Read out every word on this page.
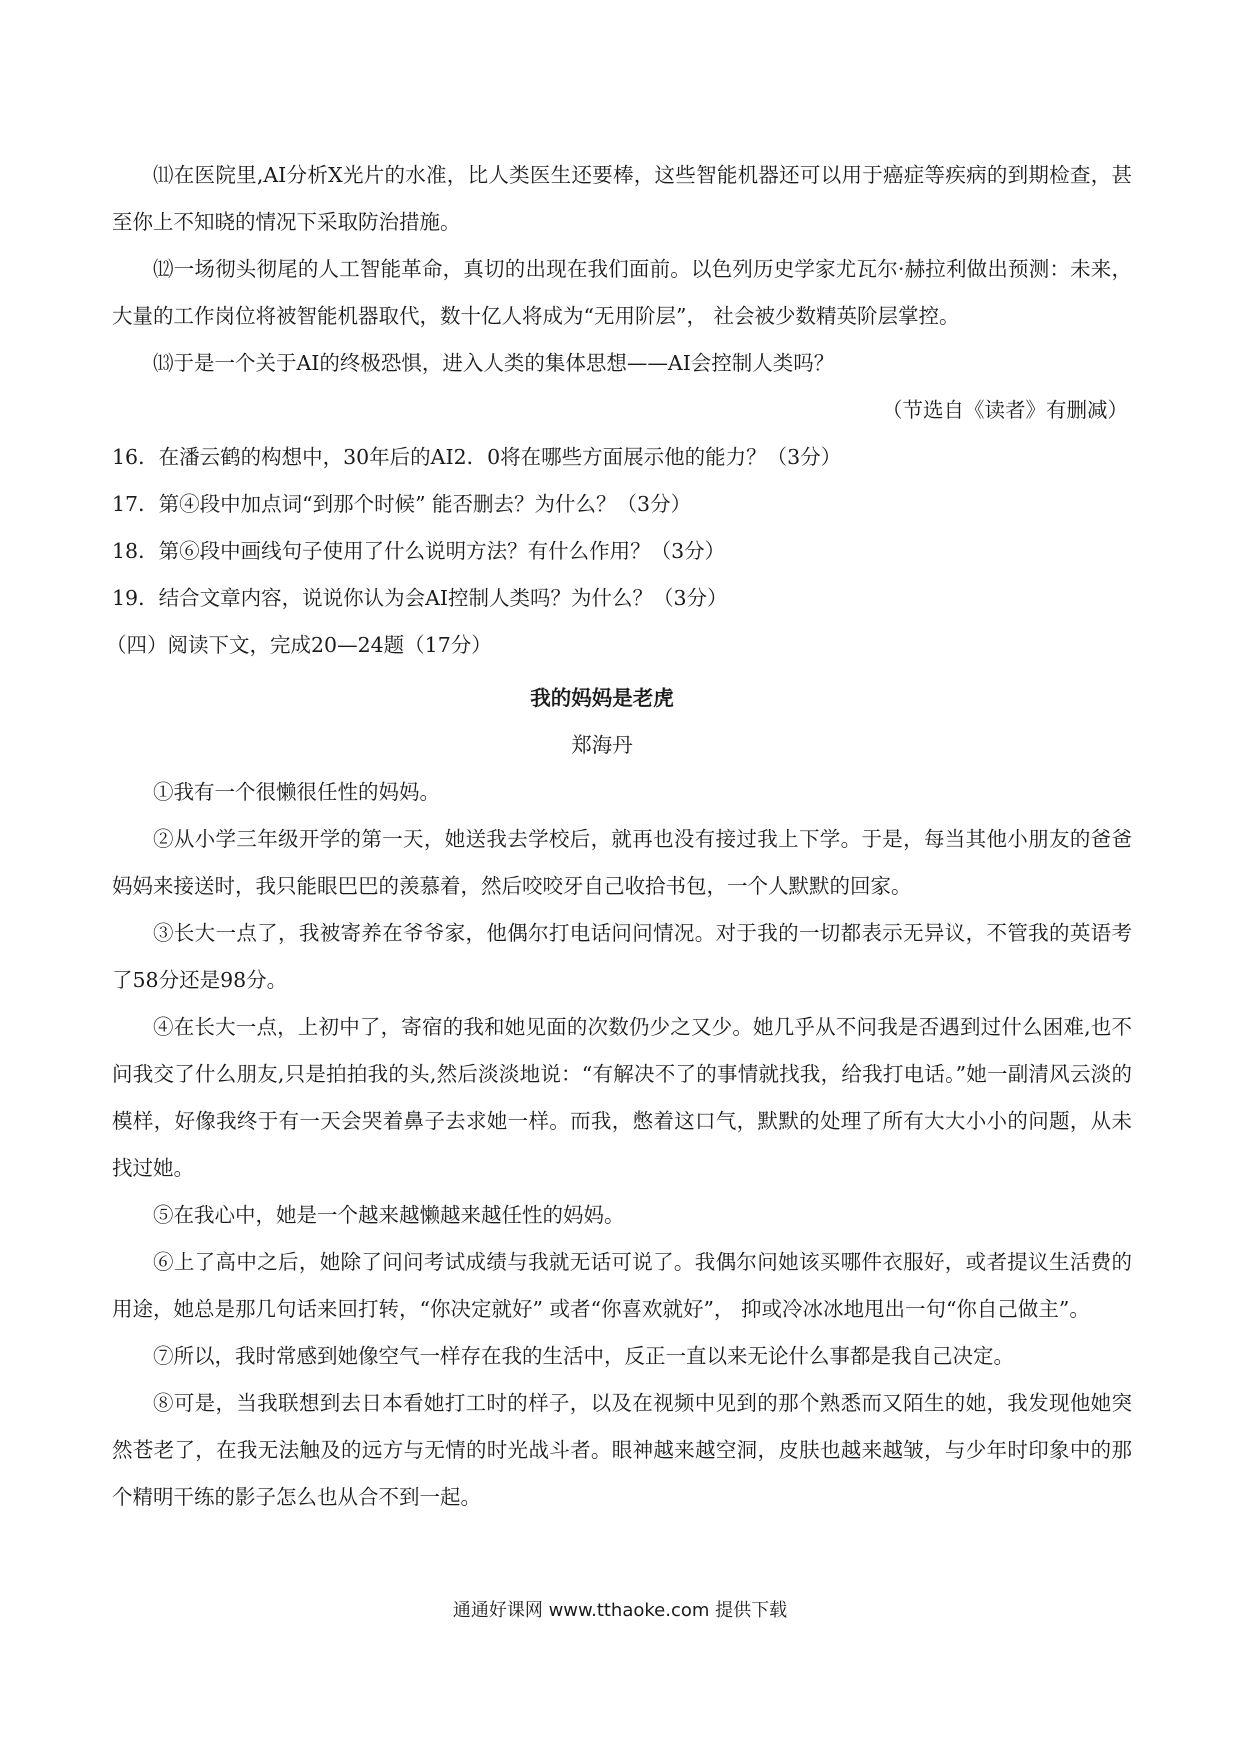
⑾在医院里,AI分析X光片的水准，比人类医生还要棒，这些智能机器还可以用于癌症等疾病的到期检查，甚至你上不知晓的情况下采取防治措施。

⑿一场彻头彻尾的人工智能革命，真切的出现在我们面前。以色列历史学家尤瓦尔·赫拉利做出预测：未来，大量的工作岗位将被智能机器取代，数十亿人将成为“无用阶层”， 社会被少数精英阶层掌控。

⒀于是一个关于AI的终极恐惧，进入人类的集体思想——AI会控制人类吗？

（节选自《读者》有删减）

16．在潘云鹤的构想中，30年后的AI2．0将在哪些方面展示他的能力？（3分）

17．第④段中加点词“到那个时候” 能否删去？为什么？（3分）

18．第⑥段中画线句子使用了什么说明方法？有什么作用？（3分）

19．结合文章内容，说说你认为会AI控制人类吗？为什么？（3分）

（四）阅读下文，完成20—24题（17分）

我的妈妈是老虎

郑海丹

①我有一个很懒很任性的妈妈。

②从小学三年级开学的第一天，她送我去学校后，就再也没有接过我上下学。于是，每当其他小朋友的爸爸妈妈来接送时，我只能眼巴巴的羡慕着，然后咬咬牙自己收拾书包，一个人默默的回家。

③长大一点了，我被寄养在爷爷家，他偶尔打电话问问情况。对于我的一切都表示无异议，不管我的英语考了58分还是98分。

④在长大一点，上初中了，寄宿的我和她见面的次数仍少之又少。她几乎从不问我是否遇到过什么困难,也不问我交了什么朋友,只是拍拍我的头,然后淡淡地说：“有解决不了的事情就找我，给我打电话。”她一副清风云淡的模样，好像我终于有一天会哭着鼻子去求她一样。而我，憋着这口气，默默的处理了所有大大小小的问题，从未找过她。

⑤在我心中，她是一个越来越懒越来越任性的妈妈。

⑥上了高中之后，她除了问问考试成绩与我就无话可说了。我偶尔问她该买哪件衣服好，或者提议生活费的用途，她总是那几句话来回打转，“你决定就好” 或者“你喜欢就好”， 抑或冷冰冰地甩出一句“你自己做主”。

⑦所以，我时常感到她像空气一样存在我的生活中，反正一直以来无论什么事都是我自己决定。

⑧可是，当我联想到去日本看她打工时的样子，以及在视频中见到的那个熟悉而又陌生的她，我发现他她突然苍老了，在我无法触及的远方与无情的时光战斗者。眼神越来越空洞，皮肤也越来越皱，与少年时印象中的那个精明干练的影子怎么也从合不到一起。

通通好课网 www.tthaoke.com 提供下载
